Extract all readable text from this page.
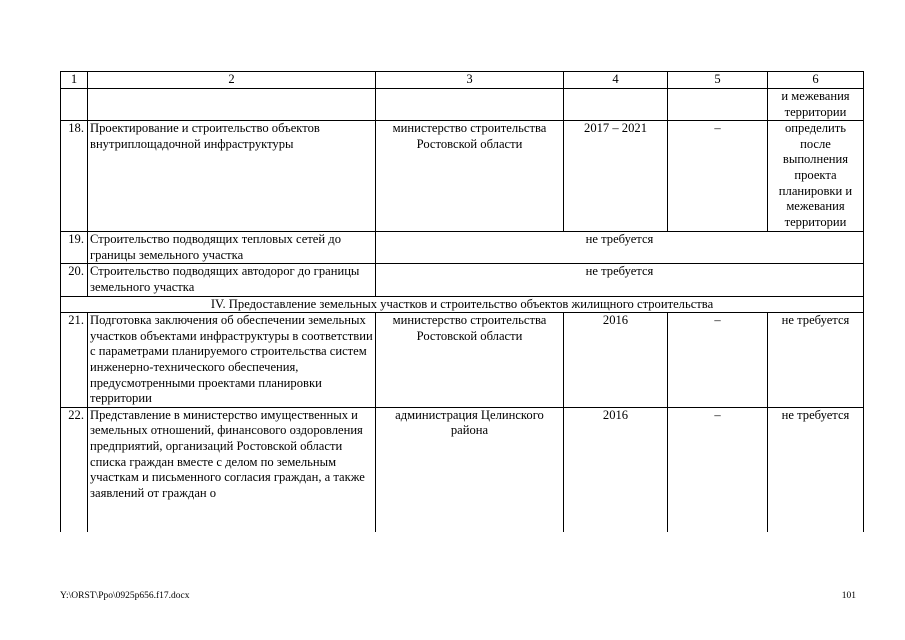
1	2	3	4	5	6
					и межевания территории
18.	Проектирование и строительство объектов внутриплощадочной инфраструктуры	министерство строительства Ростовской области	2017 – 2021	–	определить после выполнения проекта планировки и межевания территории
19.	Строительство подводящих тепловых сетей до границы земельного участка	не требуется			
20.	Строительство подводящих автодорог до границы земельного участка	не требуется			
IV. Предоставление земельных участков и строительство объектов жилищного строительства					
21.	Подготовка заключения об обеспечении земельных участков объектами инфраструктуры в соответствии с параметрами планируемого строительства систем инженерно-технического обеспечения, предусмотренными проектами планировки территории	министерство строительства Ростовской области	2016	–	не требуется
22.	Представление в министерство имущественных и земельных отношений, финансового оздоровления предприятий, организаций Ростовской области списка граждан вместе с делом по земельным участкам и письменного согласия граждан, а также заявлений от граждан о	администрация Целинского района	2016	–	не требуется
Y:\ORST\Ppo\0925p656.f17.docx	101
